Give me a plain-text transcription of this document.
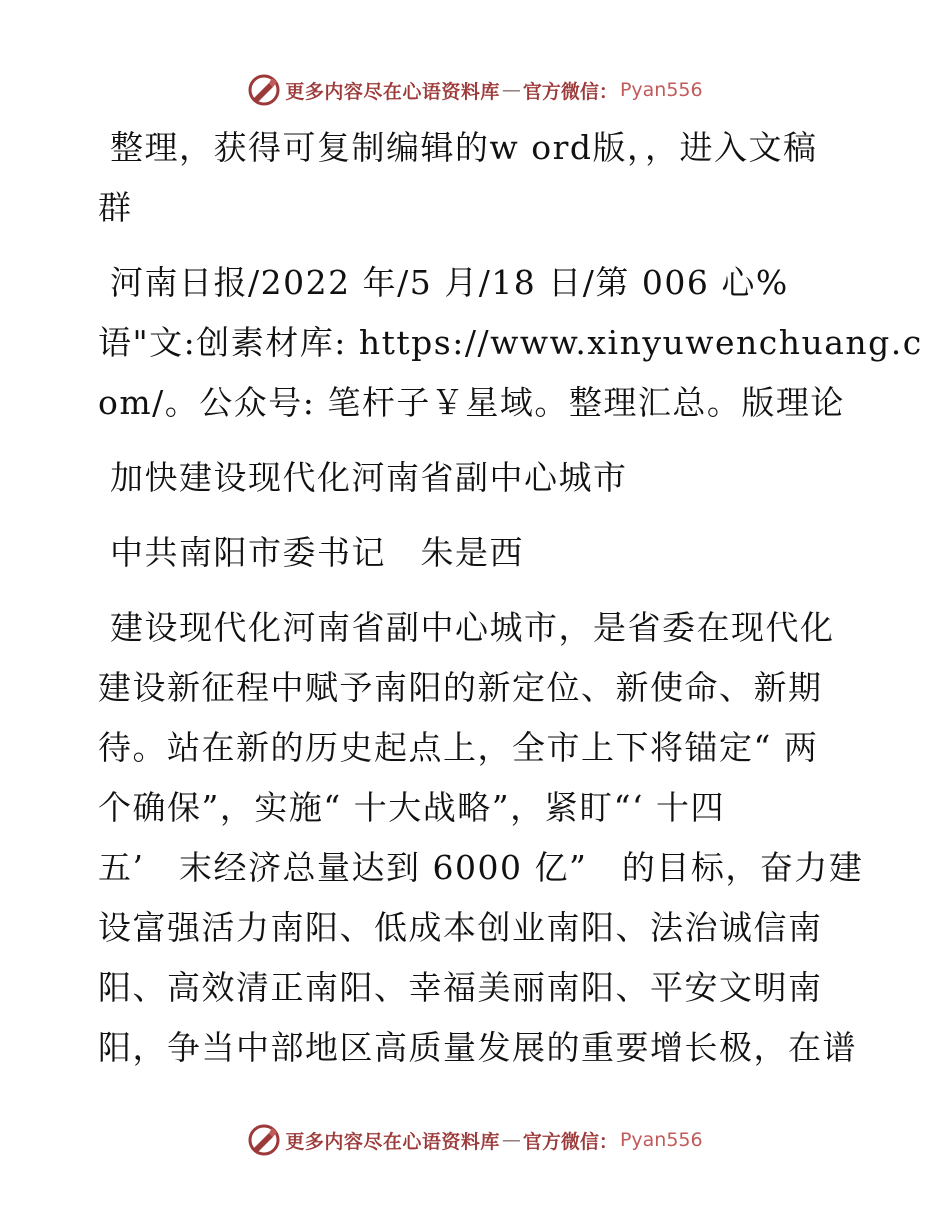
更多内容尽在心语资料库 — 官方微信： Pyan556
整理，获得可复制编辑的w ord版，，进入文稿
群
河南日报/2022 年/5 月/18 日/第 006 心%
语"文:创素材库: https://www.xinyuwenchuang.c
om/。公众号: 笔杆子￥星域。整理汇总。版理论
加快建设现代化河南省副中心城市
中共南阳市委书记　朱是西
建设现代化河南省副中心城市，是省委在现代化
建设新征程中赋予南阳的新定位、新使命、新期
待。站在新的历史起点上，全市上下将锚定“ 两
个确保”，实施“ 十大战略”，紧盯“‘ 十四
五’　末经济总量达到 6000 亿”　的目标，奋力建
设富强活力南阳、低成本创业南阳、法治诚信南
阳、高效清正南阳、幸福美丽南阳、平安文明南
阳，争当中部地区高质量发展的重要增长极，在谱
更多内容尽在心语资料库 — 官方微信： Pyan556
